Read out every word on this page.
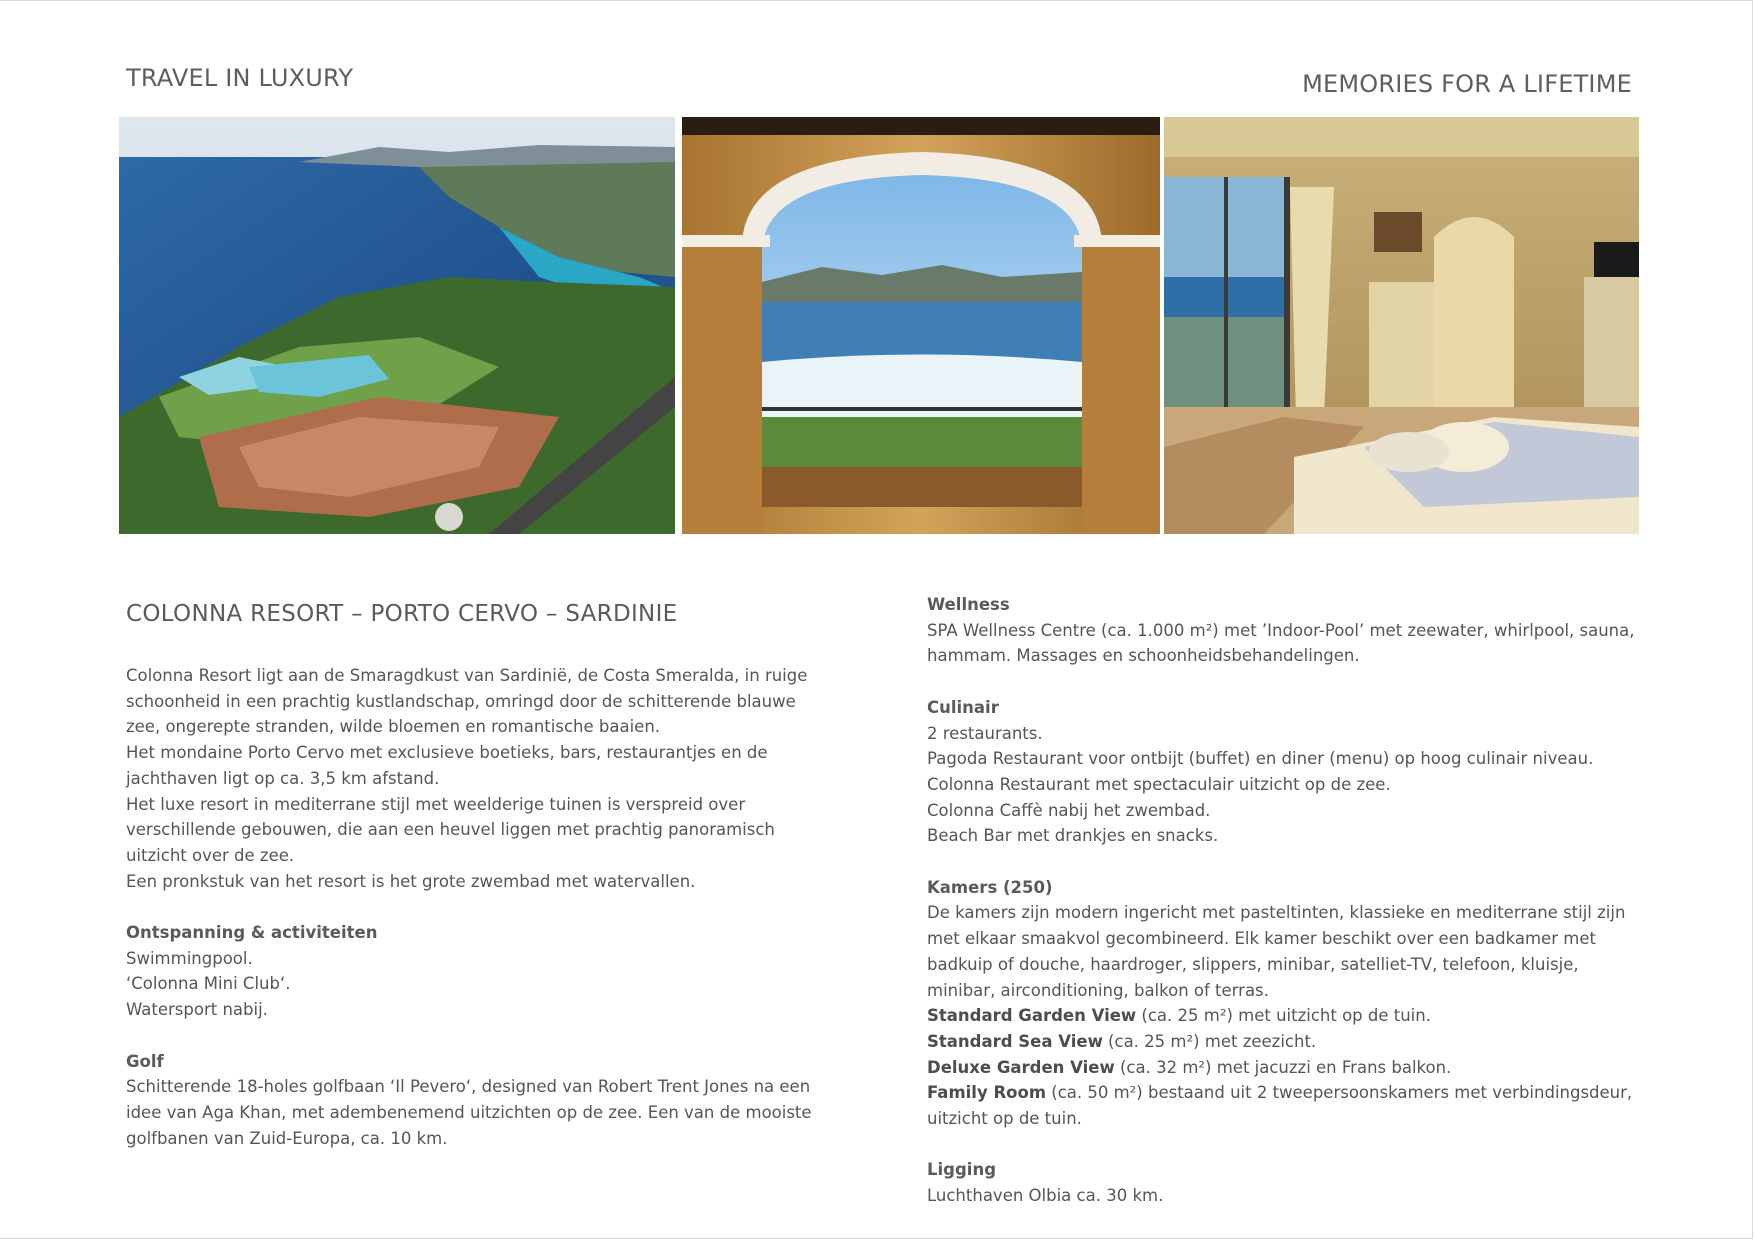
TRAVEL IN LUXURY	MEMORIES FOR A LIFETIME
COLONNA RESORT – PORTO CERVO – SARDINIE

Colonna Resort ligt aan de Smaragdkust van Sardinië, de Costa Smeralda, in ruige

schoonheid in een prachtig kustlandschap, omringd door de schitterende blauwe

zee, ongerepte stranden, wilde bloemen en romantische baaien.

Het mondaine Porto Cervo met exclusieve boetieks, bars, restaurantjes en de

jachthaven ligt op ca. 3,5 km afstand.

Het luxe resort in mediterrane stijl met weelderige tuinen is verspreid over

verschillende gebouwen, die aan een heuvel liggen met prachtig panoramisch

uitzicht over de zee.

Een pronkstuk van het resort is het grote zwembad met watervallen.

Ontspanning & activiteiten

Swimmingpool.

‘Colonna Mini Club‘.

Watersport nabij.

Golf

Schitterende 18-holes golfbaan ‘Il Pevero‘, designed van Robert Trent Jones na een

idee van Aga Khan, met adembenemend uitzichten op de zee. Een van de mooiste

golfbanen van Zuid-Europa, ca. 10 km.

Wellness

SPA Wellness Centre (ca. 1.000 m²) met ’Indoor-Pool’ met zeewater, whirlpool, sauna,

hammam. Massages en schoonheidsbehandelingen.

Culinair

2 restaurants.

Pagoda Restaurant voor ontbijt (buffet) en diner (menu) op hoog culinair niveau.

Colonna Restaurant met spectaculair uitzicht op de zee.

Colonna Caffè nabij het zwembad.

Beach Bar met drankjes en snacks.

Kamers (250)

De kamers zijn modern ingericht met pasteltinten, klassieke en mediterrane stijl zijn

met elkaar smaakvol gecombineerd. Elk kamer beschikt over een badkamer met

badkuip of douche, haardroger, slippers, minibar, satelliet-TV, telefoon, kluisje,

minibar, airconditioning, balkon of terras.

Standard Garden View (ca. 25 m²) met uitzicht op de tuin.

Standard Sea View (ca. 25 m²) met zeezicht.

Deluxe Garden View (ca. 32 m²) met jacuzzi en Frans balkon.

Family Room (ca. 50 m²) bestaand uit 2 tweepersoonskamers met verbindingsdeur,

uitzicht op de tuin.

Ligging

Luchthaven Olbia ca. 30 km.
